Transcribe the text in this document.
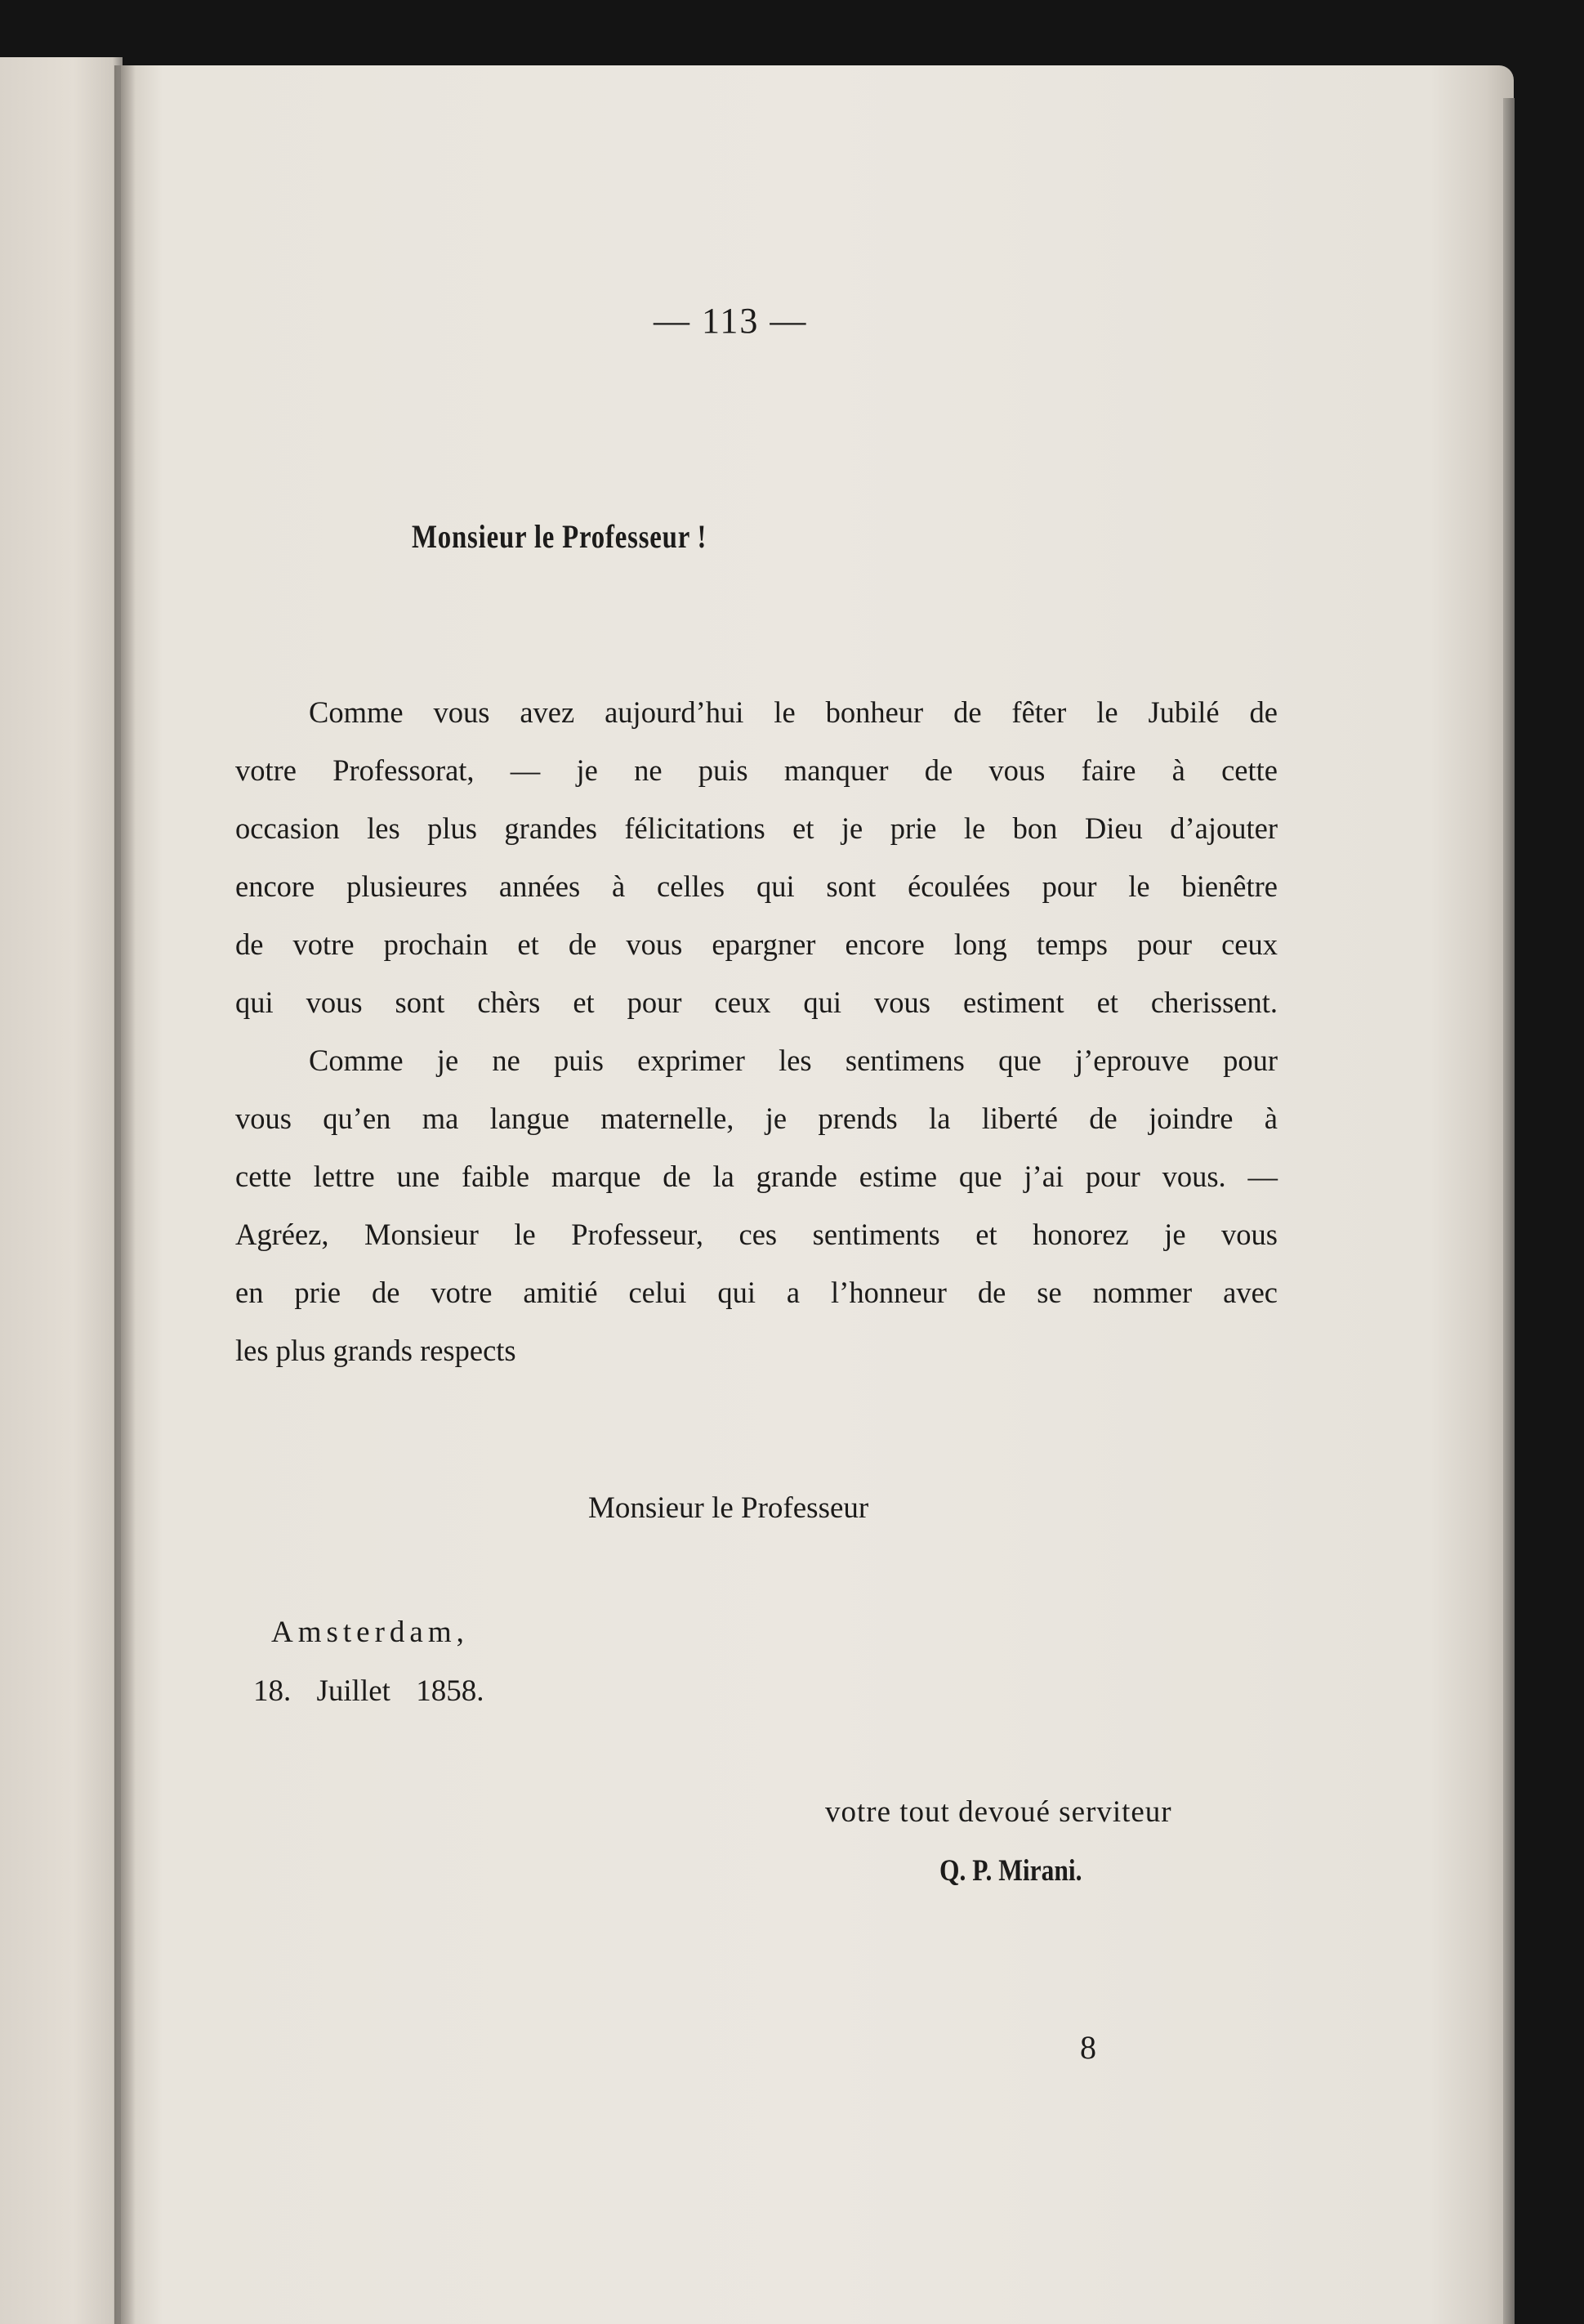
— 113 —
Monsieur le Professeur !
Comme vous avez aujourd’hui le bonheur de fêter le Jubilé de
votre Professorat, — je ne puis manquer de vous faire à cette
occasion les plus grandes félicitations et je prie le bon Dieu d’ajouter
encore plusieures années à celles qui sont écoulées pour le bienêtre
de votre prochain et de vous epargner encore long temps pour ceux
qui vous sont chèrs et pour ceux qui vous estiment et cherissent.
Comme je ne puis exprimer les sentimens que j’eprouve pour
vous qu’en ma langue maternelle, je prends la liberté de joindre à
cette lettre une faible marque de la grande estime que j’ai pour vous. —
Agréez, Monsieur le Professeur, ces sentiments et honorez je vous
en prie de votre amitié celui qui a l’honneur de se nommer avec
les plus grands respects
Monsieur le Professeur
Amsterdam,
18. Juillet 1858.
votre tout devoué serviteur
Q. P. Mirani.
8
